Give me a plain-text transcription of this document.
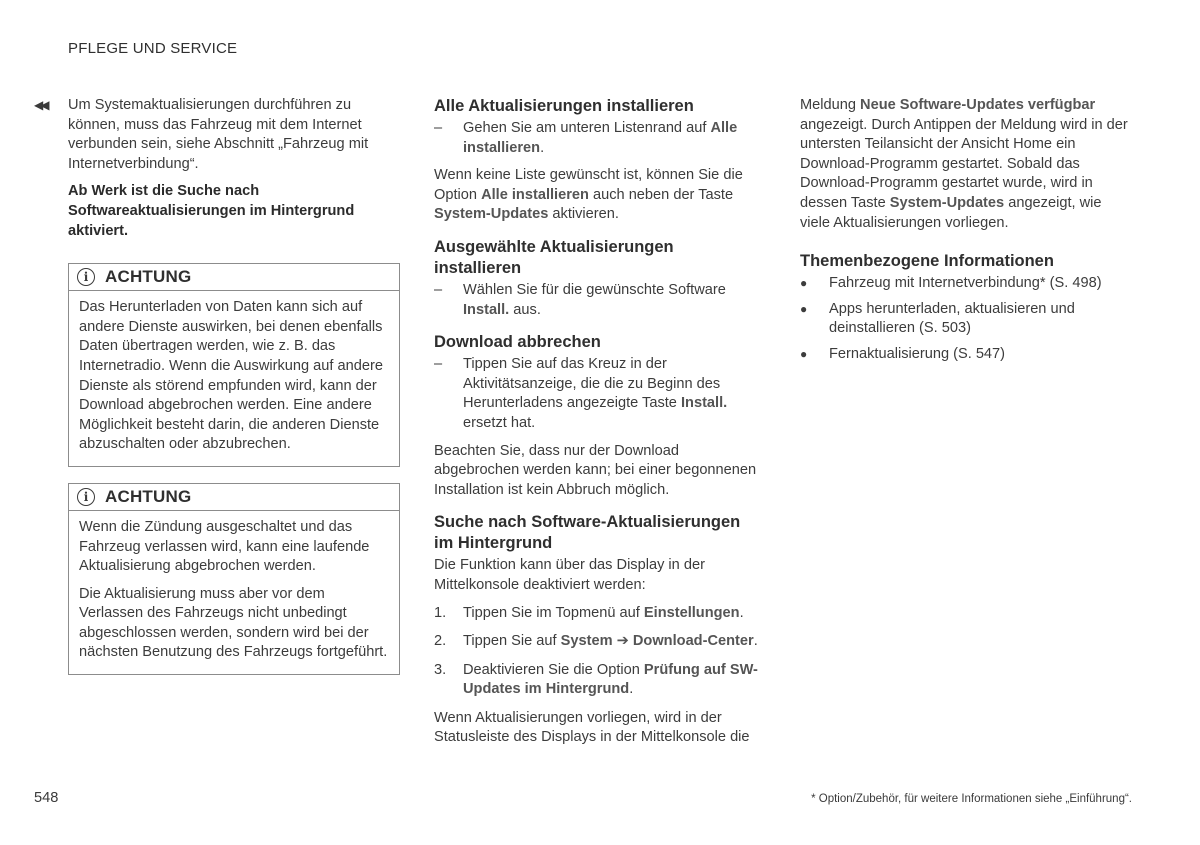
PFLEGE UND SERVICE
◀◀ Um Systemaktualisierungen durchführen zu können, muss das Fahrzeug mit dem Internet verbunden sein, siehe Abschnitt „Fahrzeug mit Internetverbindung“.

Ab Werk ist die Suche nach Softwareaktualisierungen im Hintergrund aktiviert.

i ACHTUNG

Das Herunterladen von Daten kann sich auf andere Dienste auswirken, bei denen ebenfalls Daten übertragen werden, wie z. B. das Internetradio. Wenn die Auswirkung auf andere Dienste als störend empfunden wird, kann der Download abgebrochen werden. Eine andere Möglichkeit besteht darin, die anderen Dienste abzuschalten oder abzubrechen.

i ACHTUNG

Wenn die Zündung ausgeschaltet und das Fahrzeug verlassen wird, kann eine laufende Aktualisierung abgebrochen werden.

Die Aktualisierung muss aber vor dem Verlassen des Fahrzeugs nicht unbedingt abgeschlossen werden, sondern wird bei der nächsten Benutzung des Fahrzeugs fortgeführt.

Alle Aktualisierungen installieren
–	Gehen Sie am unteren Listenrand auf Alle installieren.

Wenn keine Liste gewünscht ist, können Sie die Option Alle installieren auch neben der Taste System-Updates aktivieren.

Ausgewählte Aktualisierungen installieren
–	Wählen Sie für die gewünschte Software Install. aus.
Download abbrechen
–	Tippen Sie auf das Kreuz in der Aktivitätsanzeige, die die zu Beginn des Herunterladens angezeigte Taste Install. ersetzt hat.

Beachten Sie, dass nur der Download abgebrochen werden kann; bei einer begonnenen Installation ist kein Abbruch möglich.

Suche nach Software-Aktualisierungen im Hintergrund

Die Funktion kann über das Display in der Mittelkonsole deaktiviert werden:

1.	Tippen Sie im Topmenü auf Einstellungen.
2.	Tippen Sie auf System ➔ Download-Center.
3.	Deaktivieren Sie die Option Prüfung auf SW-Updates im Hintergrund.

Wenn Aktualisierungen vorliegen, wird in der Statusleiste des Displays in der Mittelkonsole die

Meldung Neue Software-Updates verfügbar angezeigt. Durch Antippen der Meldung wird in der untersten Teilansicht der Ansicht Home ein Download-Programm gestartet. Sobald das Download-Programm gestartet wurde, wird in dessen Taste System-Updates angezeigt, wie viele Aktualisierungen vorliegen.

Themenbezogene Informationen
●	Fahrzeug mit Internetverbindung* (S. 498)
●	Apps herunterladen, aktualisieren und deinstallieren (S. 503)
●	Fernaktualisierung (S. 547)
548	* Option/Zubehör, für weitere Informationen siehe „Einführung“.
